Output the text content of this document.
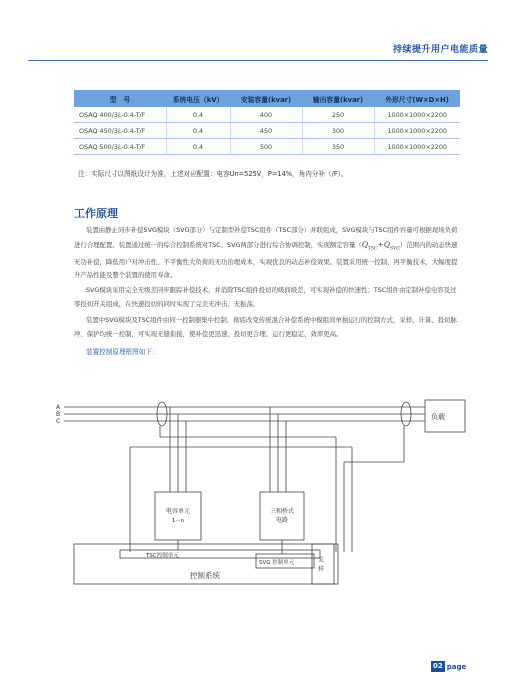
持续提升用户电能质量
型　号	系统电压（kV）	安装容量(kvar)	输出容量(kvar)	外形尺寸(W×D×H)
OSAQ 400/3L-0.4-T/F	0.4	400	250	1000×1000×2200
OSAQ 450/3L-0.4-T/F	0.4	450	300	1000×1000×2200
OSAQ 500/3L-0.4-T/F	0.4	500	350	1000×1000×2200
注：实际尺寸以图纸设计为准，上述对应配置：电容Un=525V，P=14%，角内分补（/F）。
工作原理

装置由静止同步补偿SVG模块（SVG部分）与定制型补偿TSC组件（TSC部分）并联组成，SVG模块与TSC组件容量可根据现场负荷进行合理配置。装置通过统一的综合控制系统对TSC、SVG两部分进行综合协调控制，实现额定容量$(Q_{TSC}+Q_{SVG})$范围内的动态快速无功补偿，降低用户对冲击性、不平衡性大负荷的无功治理成本，实现优良的动态补偿效果。装置采用统一控制、再平衡技术，大幅度提升产品性能及整个装置的使用寿命。

SVG模块采用完全无级差同步跟踪补偿技术，并消除TSC组件投切的级间级差，可实现补偿的快速性；TSC组件由定制补偿电容及过零投切开关组成，在快速投切的同时实现了完美无冲击、无振荡。

装置中SVG模块及TSC组件由同一控制器集中控制，彻底改变传统混合补偿系统中模组间单独运行的控制方式，采样、计算、投切脉冲、保护均统一控制，可实现无缝衔接，使补偿更迅速、投切更合理、运行更稳定、效率更高。

装置控制原理框图如下：
A
B
C
负载
电容单元
1···n
三相桥式
电路
TSC控制单元
SVG 控制单元	采
样
控制系统
02 page
